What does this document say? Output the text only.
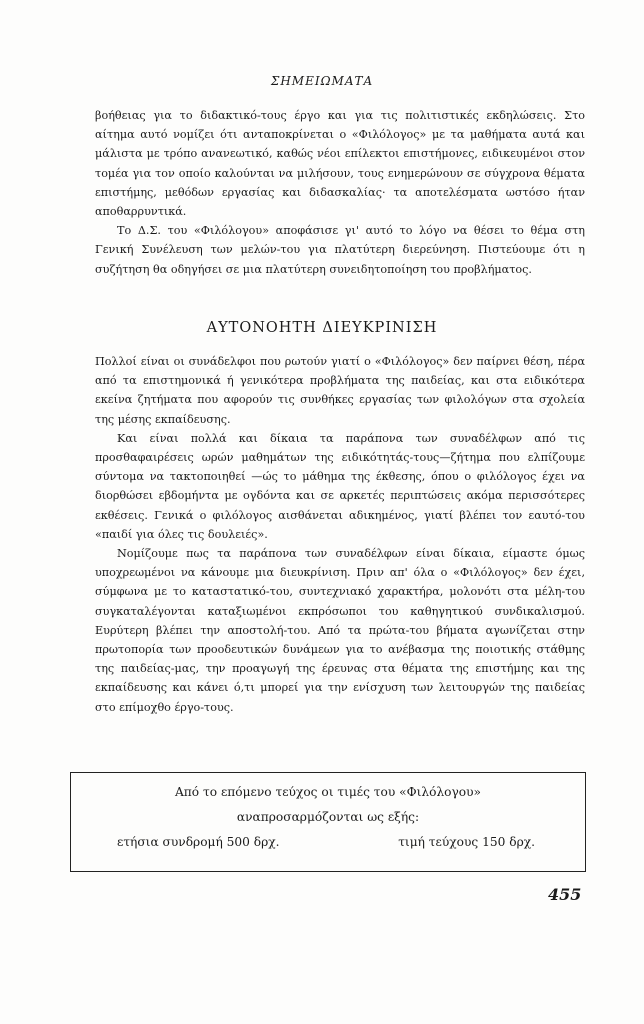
ΣΗΜΕΙΩΜΑΤΑ

βοήθειας για το διδακτικό-τους έργο και για τις πολιτιστικές εκδηλώσεις. Στο αίτημα αυτό νομίζει ότι ανταποκρίνεται ο «Φιλόλογος» με τα μαθήματα αυτά και μάλιστα με τρόπο ανανεωτικό, καθώς νέοι επίλεκτοι επιστήμονες, ειδικευμένοι στον τομέα για τον οποίο καλούνται να μιλήσουν, τους ενημερώνουν σε σύγχρονα θέματα επιστήμης, μεθόδων εργασίας και διδασκαλίας· τα αποτελέσματα ωστόσο ήταν αποθαρρυντικά.

Το Δ.Σ. του «Φιλόλογου» αποφάσισε γι' αυτό το λόγο να θέσει το θέμα στη Γενική Συνέλευση των μελών-του για πλατύτερη διερεύνηση. Πιστεύουμε ότι η συζήτηση θα οδηγήσει σε μια πλατύτερη συνειδητοποίηση του προβλήματος.

ΑΥΤΟΝΟΗΤΗ ΔΙΕΥΚΡΙΝΙΣΗ

Πολλοί είναι οι συνάδελφοι που ρωτούν γιατί ο «Φιλόλογος» δεν παίρνει θέση, πέρα από τα επιστημονικά ή γενικότερα προβλήματα της παιδείας, και στα ειδικότερα εκείνα ζητήματα που αφορούν τις συνθήκες εργασίας των φιλολόγων στα σχολεία της μέσης εκπαίδευσης.

Και είναι πολλά και δίκαια τα παράπονα των συναδέλφων από τις προσθαφαιρέσεις ωρών μαθημάτων της ειδικότητάς-τους—ζήτημα που ελπίζουμε σύντομα να τακτοποιηθεί —ώς το μάθημα της έκθεσης, όπου ο φιλόλογος έχει να διορθώσει εβδομήντα με ογδόντα και σε αρκετές περιπτώσεις ακόμα περισσότερες εκθέσεις. Γενικά ο φιλόλογος αισθάνεται αδικημένος, γιατί βλέπει τον εαυτό-του «παιδί για όλες τις δουλειές».

Νομίζουμε πως τα παράπονα των συναδέλφων είναι δίκαια, είμαστε όμως υποχρεωμένοι να κάνουμε μια διευκρίνιση. Πριν απ' όλα ο «Φιλόλογος» δεν έχει, σύμφωνα με το καταστατικό-του, συντεχνιακό χαρακτήρα, μολονότι στα μέλη-του συγκαταλέγονται καταξιωμένοι εκπρόσωποι του καθηγητικού συνδικαλισμού. Ευρύτερη βλέπει την αποστολή-του. Από τα πρώτα-του βήματα αγωνίζεται στην πρωτοπορία των προοδευτικών δυνάμεων για το ανέβασμα της ποιοτικής στάθμης της παιδείας-μας, την προαγωγή της έρευνας στα θέματα της επιστήμης και της εκπαίδευσης και κάνει ό,τι μπορεί για την ενίσχυση των λειτουργών της παιδείας στο επίμοχθο έργο-τους.

Από το επόμενο τεύχος οι τιμές του «Φιλόλογου»
αναπροσαρμόζονται ως εξής:
ετήσια συνδρομή 500 δρχ.	τιμή τεύχους 150 δρχ.
455
